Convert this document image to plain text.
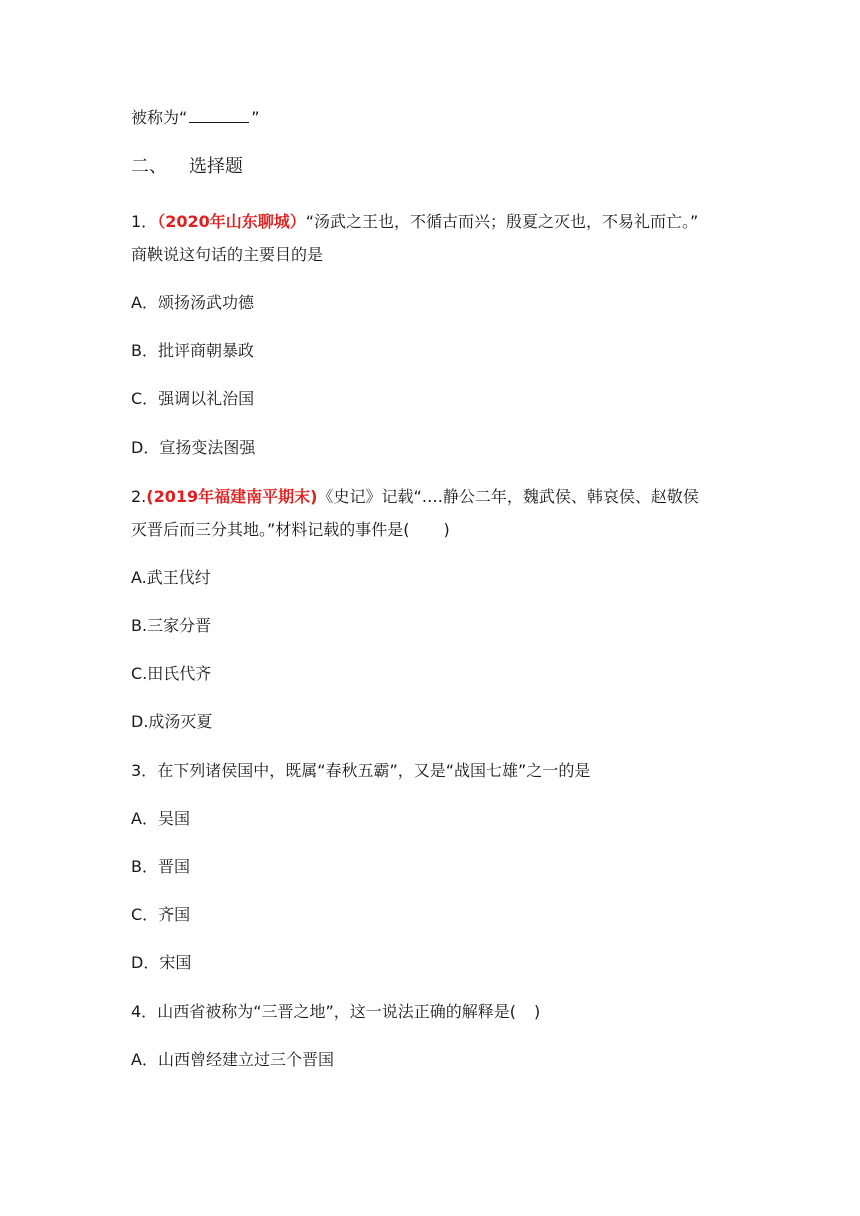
被称为“	”
二、 选择题
1．（2020年山东聊城）“汤武之王也，不循古而兴；殷夏之灭也，不易礼而亡。”
商鞅说这句话的主要目的是
A．颂扬汤武功德
B．批评商朝暴政
C．强调以礼治国
D．宣扬变法图强
2.(2019年福建南平期末)《史记》记载“….静公二年，魏武侯、韩哀侯、赵敬侯
灭晋后而三分其地。”材料记载的事件是( )
A.武王伐纣
B.三家分晋
C.田氏代齐
D.成汤灭夏
3．在下列诸侯国中，既属“春秋五霸”，又是“战国七雄”之一的是
A．吴国
B．晋国
C．齐国
D．宋国
4．山西省被称为“三晋之地”，这一说法正确的解释是( )
A．山西曾经建立过三个晋国
